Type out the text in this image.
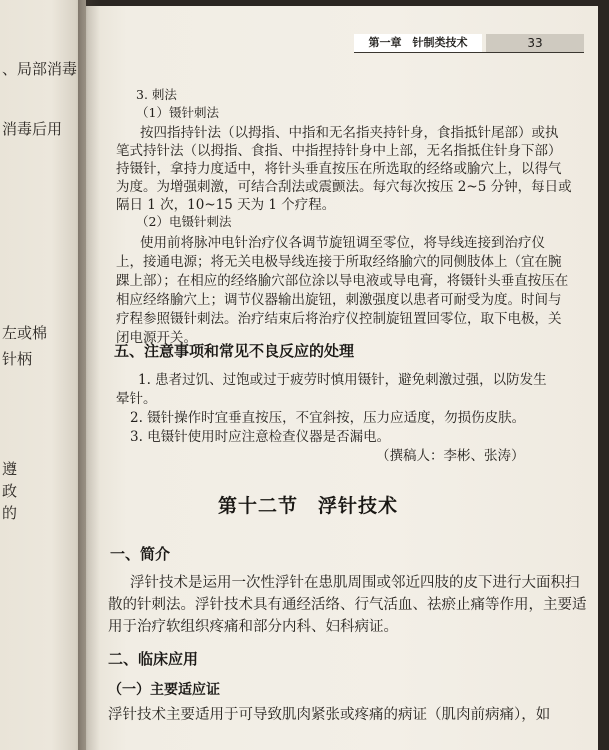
、局部消毒
消毒后用
左或棉
针柄
遵
政
的
第一章　针制类技术	33
3. 刺法
（1）镊针刺法
按四指持针法（以拇指、中指和无名指夹持针身，食指抵针尾部）或执
笔式持针法（以拇指、食指、中指捏持针身中上部，无名指抵住针身下部）
持镊针，拿持力度适中，将针头垂直按压在所选取的经络或腧穴上，以得气
为度。为增强刺激，可结合刮法或震颤法。每穴每次按压 2~5 分钟，每日或
隔日 1 次，10~15 天为 1 个疗程。
（2）电镊针刺法
使用前将脉冲电针治疗仪各调节旋钮调至零位，将导线连接到治疗仪
上，接通电源；将无关电极导线连接于所取经络腧穴的同侧肢体上（宜在腕
踝上部）；在相应的经络腧穴部位涂以导电液或导电膏，将镊针头垂直按压在
相应经络腧穴上；调节仪器输出旋钮，刺激强度以患者可耐受为度。时间与
疗程参照镊针刺法。治疗结束后将治疗仪控制旋钮置回零位，取下电极，关
闭电源开关。
五、注意事项和常见不良反应的处理
1. 患者过饥、过饱或过于疲劳时慎用镊针，避免刺激过强，以防发生
晕针。
2. 镊针操作时宜垂直按压，不宜斜按，压力应适度，勿损伤皮肤。
3. 电镊针使用时应注意检查仪器是否漏电。
（撰稿人：李彬、张涛）
第十二节　浮针技术
一、简介
浮针技术是运用一次性浮针在患肌周围或邻近四肢的皮下进行大面积扫
散的针刺法。浮针技术具有通经活络、行气活血、祛瘀止痛等作用，主要适
用于治疗软组织疼痛和部分内科、妇科病证。
二、临床应用
（一）主要适应证
浮针技术主要适用于可导致肌肉紧张或疼痛的病证（肌肉前病痛），如
